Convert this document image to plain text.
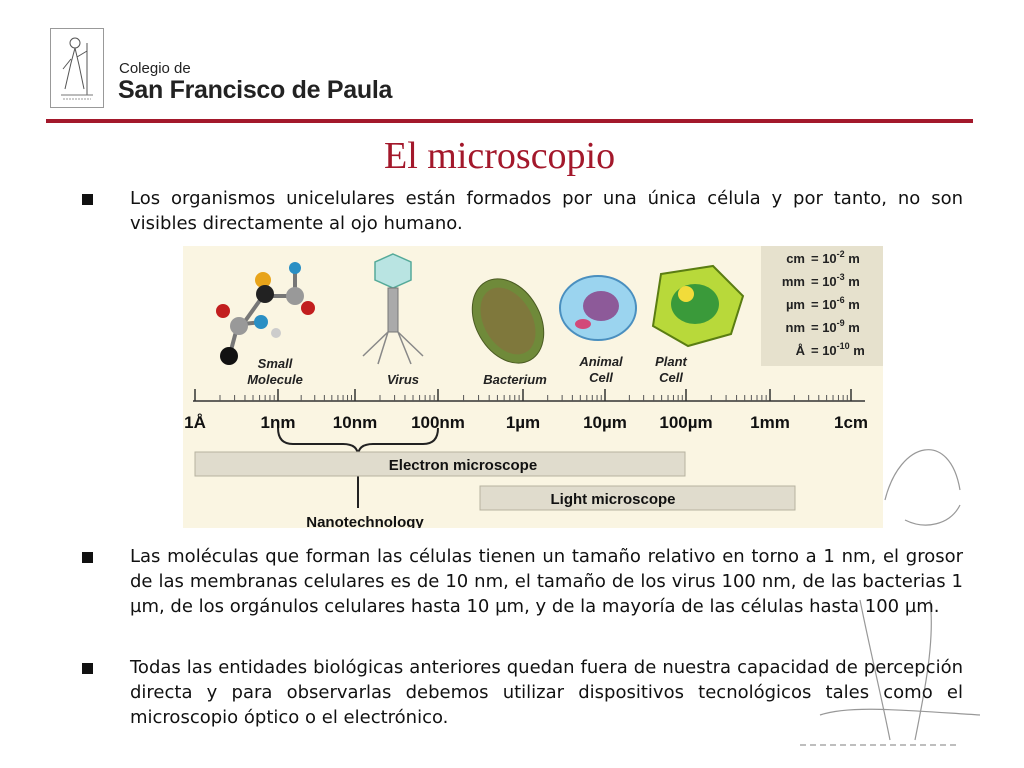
Colegio de
San Francisco de Paula
El microscopio
Los organismos unicelulares están formados por una única célula y por tanto, no son visibles directamente al ojo humano.
Small
Molecule	Virus	Bacterium
Animal
Cell
Plant
Cell
cm = $10^{-2}$ m
mm = $10^{-3}$ m
$\mu m = 10^{-6}$ m
nm = $10^{-9}$ m
Å = $10^{-10}$ m
1Å	1nm 10nm 100nm 1µm	10µm 100µm 1mm	1cm
Electron microscope
Light microscope
Nanotechnology
Las moléculas que forman las células tienen un tamaño relativo en torno a 1 nm, el grosor de las membranas celulares es de 10 nm, el tamaño de los virus 100 nm, de las bacterias 1 µm, de los orgánulos celulares hasta 10 µm, y de la mayoría de las células hasta 100 µm.
Todas las entidades biológicas anteriores quedan fuera de nuestra capacidad de percepción directa y para observarlas debemos utilizar dispositivos tecnológicos tales como el microscopio óptico o el electrónico.
